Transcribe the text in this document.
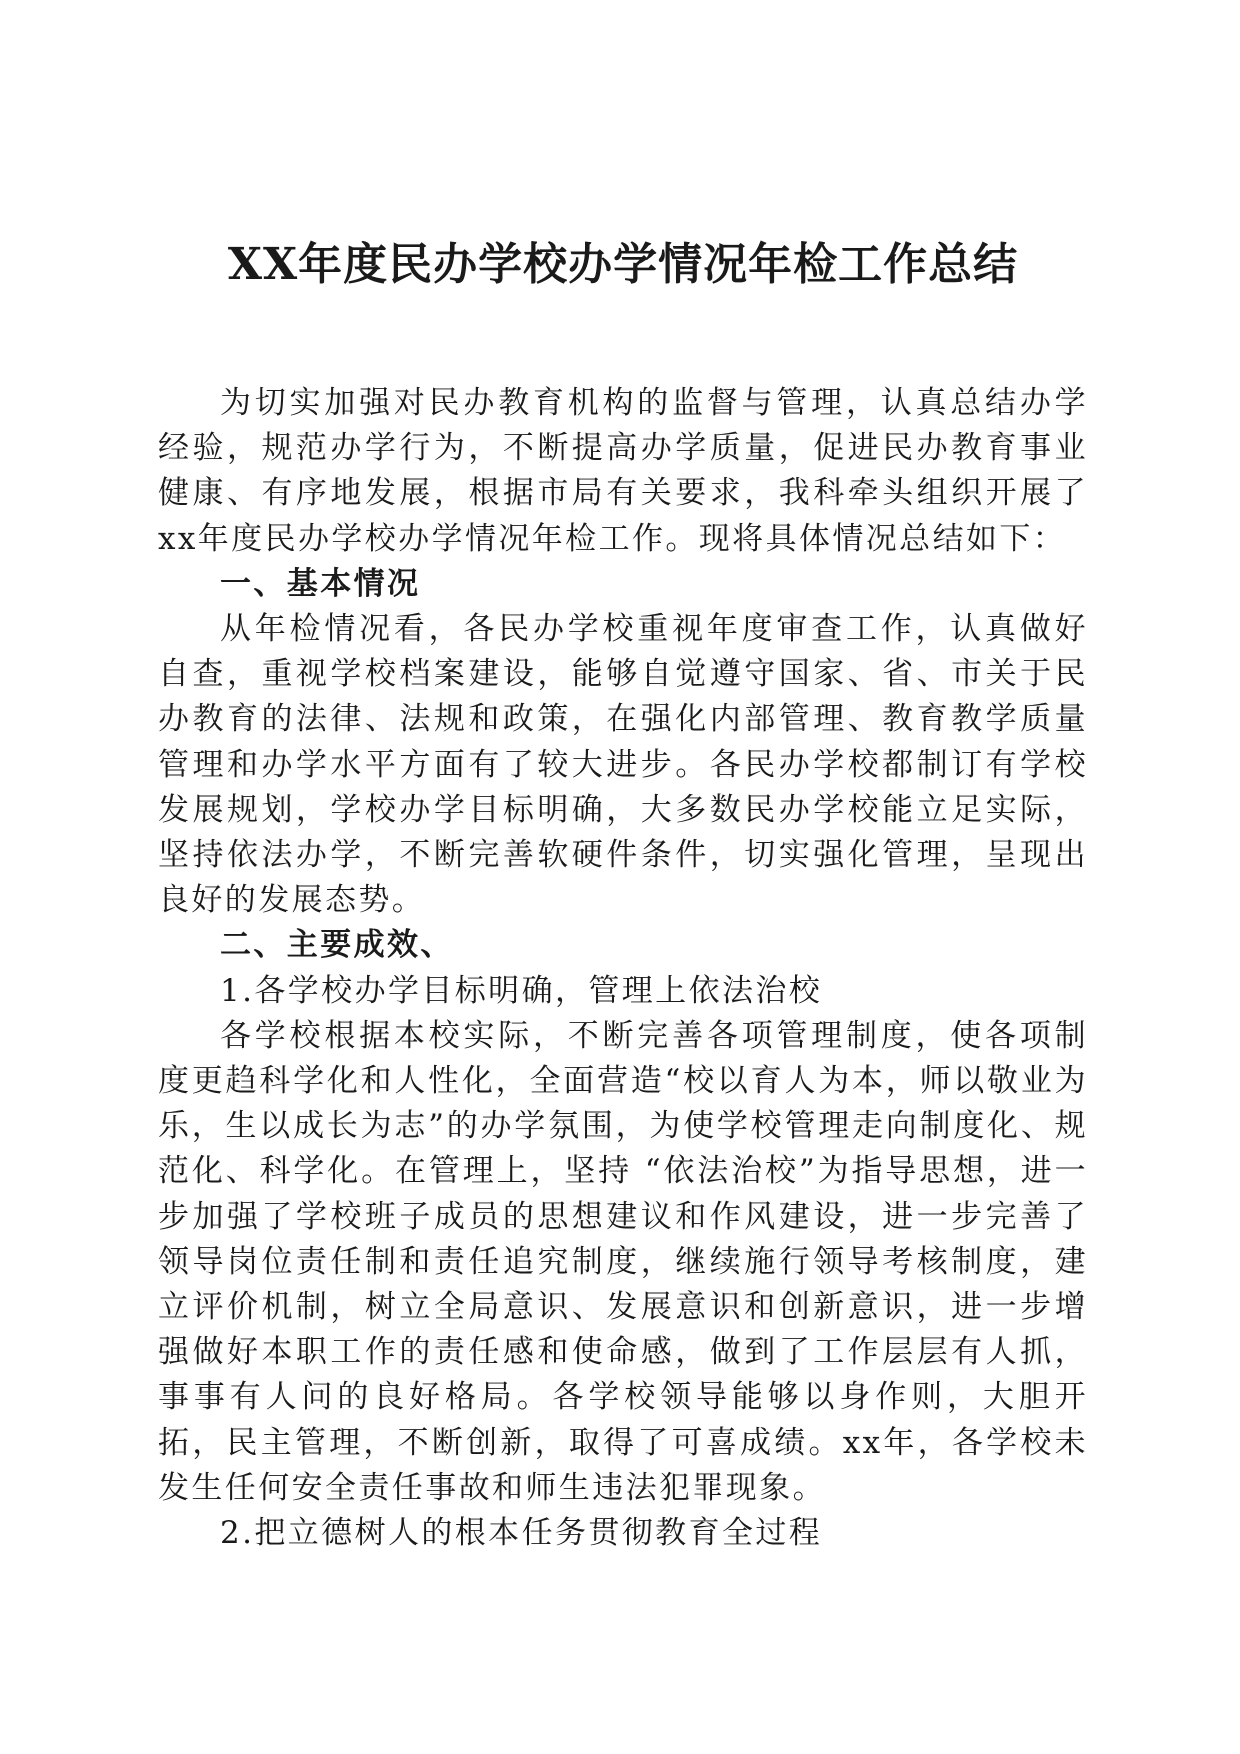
XX年度民办学校办学情况年检工作总结

为切实加强对民办教育机构的监督与管理，认真总结办学经验，规范办学行为，不断提高办学质量，促进民办教育事业健康、有序地发展，根据市局有关要求，我科牵头组织开展了xx年度民办学校办学情况年检工作。现将具体情况总结如下：

一、基本情况

从年检情况看，各民办学校重视年度审查工作，认真做好自查，重视学校档案建设，能够自觉遵守国家、省、市关于民办教育的法律、法规和政策，在强化内部管理、教育教学质量管理和办学水平方面有了较大进步。各民办学校都制订有学校发展规划，学校办学目标明确，大多数民办学校能立足实际，坚持依法办学，不断完善软硬件条件，切实强化管理，呈现出良好的发展态势。

二、主要成效、

1.各学校办学目标明确，管理上依法治校

各学校根据本校实际，不断完善各项管理制度，使各项制度更趋科学化和人性化，全面营造“校以育人为本，师以敬业为乐，生以成长为志”的办学氛围，为使学校管理走向制度化、规范化、科学化。在管理上，坚持 “依法治校”为指导思想，进一步加强了学校班子成员的思想建议和作风建设，进一步完善了领导岗位责任制和责任追究制度，继续施行领导考核制度，建立评价机制，树立全局意识、发展意识和创新意识，进一步增强做好本职工作的责任感和使命感，做到了工作层层有人抓，事事有人问的良好格局。各学校领导能够以身作则，大胆开拓，民主管理，不断创新，取得了可喜成绩。xx年，各学校未发生任何安全责任事故和师生违法犯罪现象。

2.把立德树人的根本任务贯彻教育全过程
